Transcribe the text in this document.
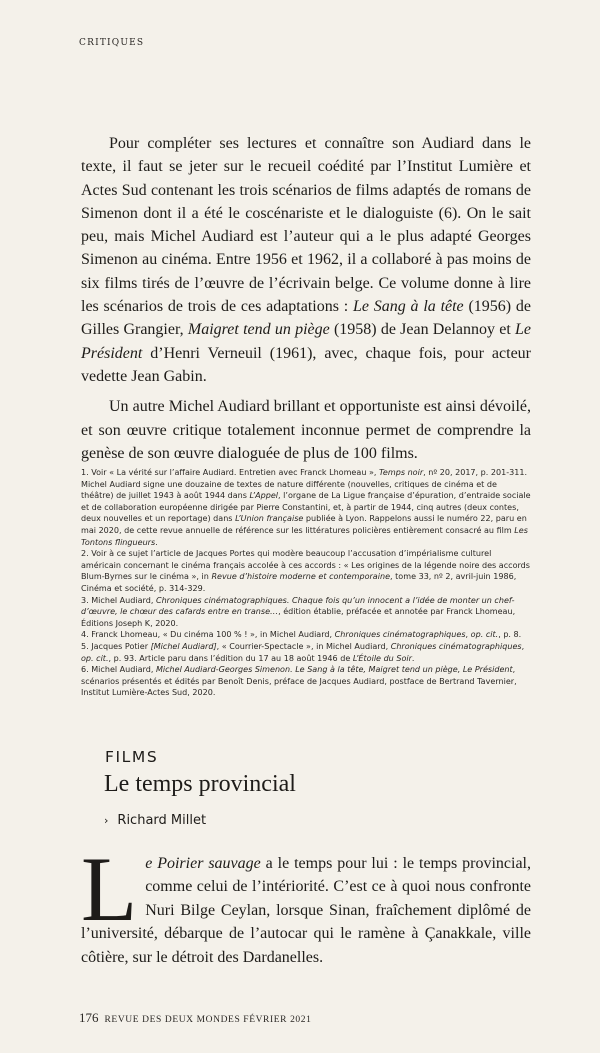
CRITIQUES

Pour compléter ses lectures et connaître son Audiard dans le texte, il faut se jeter sur le recueil coédité par l’Institut Lumière et Actes Sud contenant les trois scénarios de films adaptés de romans de Simenon dont il a été le coscénariste et le dialoguiste (6). On le sait peu, mais Michel Audiard est l’auteur qui a le plus adapté Georges Simenon au cinéma. Entre 1956 et 1962, il a collaboré à pas moins de six films tirés de l’œuvre de l’écrivain belge. Ce volume donne à lire les scénarios de trois de ces adaptations : Le Sang à la tête (1956) de Gilles Grangier, Maigret tend un piège (1958) de Jean Delannoy et Le Président d’Henri Verneuil (1961), avec, chaque fois, pour acteur vedette Jean Gabin.

Un autre Michel Audiard brillant et opportuniste est ainsi dévoilé, et son œuvre critique totalement inconnue permet de comprendre la genèse de son œuvre dialoguée de plus de 100 films.

1. Voir « La vérité sur l’affaire Audiard. Entretien avec Franck Lhomeau », Temps noir, nº 20, 2017, p. 201-311. Michel Audiard signe une douzaine de textes de nature différente (nouvelles, critiques de cinéma et de théâtre) de juillet 1943 à août 1944 dans L’Appel, l’organe de La Ligue française d’épuration, d’entraide sociale et de collaboration européenne dirigée par Pierre Constantini, et, à partir de 1944, cinq autres (deux contes, deux nouvelles et un reportage) dans L’Union française publiée à Lyon. Rappelons aussi le numéro 22, paru en mai 2020, de cette revue annuelle de référence sur les littératures policières entièrement consacré au film Les Tontons flingueurs.

2. Voir à ce sujet l’article de Jacques Portes qui modère beaucoup l’accusation d’impérialisme culturel américain concernant le cinéma français accolée à ces accords : « Les origines de la légende noire des accords Blum-Byrnes sur le cinéma », in Revue d’histoire moderne et contemporaine, tome 33, nº 2, avril-juin 1986, Cinéma et société, p. 314-329.

3. Michel Audiard, Chroniques cinématographiques. Chaque fois qu’un innocent a l’idée de monter un chef-d’œuvre, le chœur des cafards entre en transe…, édition établie, préfacée et annotée par Franck Lhomeau, Éditions Joseph K, 2020.

4. Franck Lhomeau, « Du cinéma 100 % ! », in Michel Audiard, Chroniques cinématographiques, op. cit., p. 8.

5. Jacques Potier [Michel Audiard], « Courrier-Spectacle », in Michel Audiard, Chroniques cinématographiques, op. cit., p. 93. Article paru dans l’édition du 17 au 18 août 1946 de L’Étoile du Soir.

6. Michel Audiard, Michel Audiard-Georges Simenon. Le Sang à la tête, Maigret tend un piège, Le Président, scénarios présentés et édités par Benoît Denis, préface de Jacques Audiard, postface de Bertrand Tavernier, Institut Lumière-Actes Sud, 2020.

FILMS
Le temps provincial
› Richard Millet
L e Poirier sauvage a le temps pour lui : le temps provincial, comme celui de l’intériorité. C’est ce à quoi nous confronte Nuri Bilge Ceylan, lorsque Sinan, fraîchement diplômé de l’université, débarque de l’autocar qui le ramène à Çanakkale, ville côtière, sur le détroit des Dardanelles.

176 REVUE DES DEUX MONDES FÉVRIER 2021
